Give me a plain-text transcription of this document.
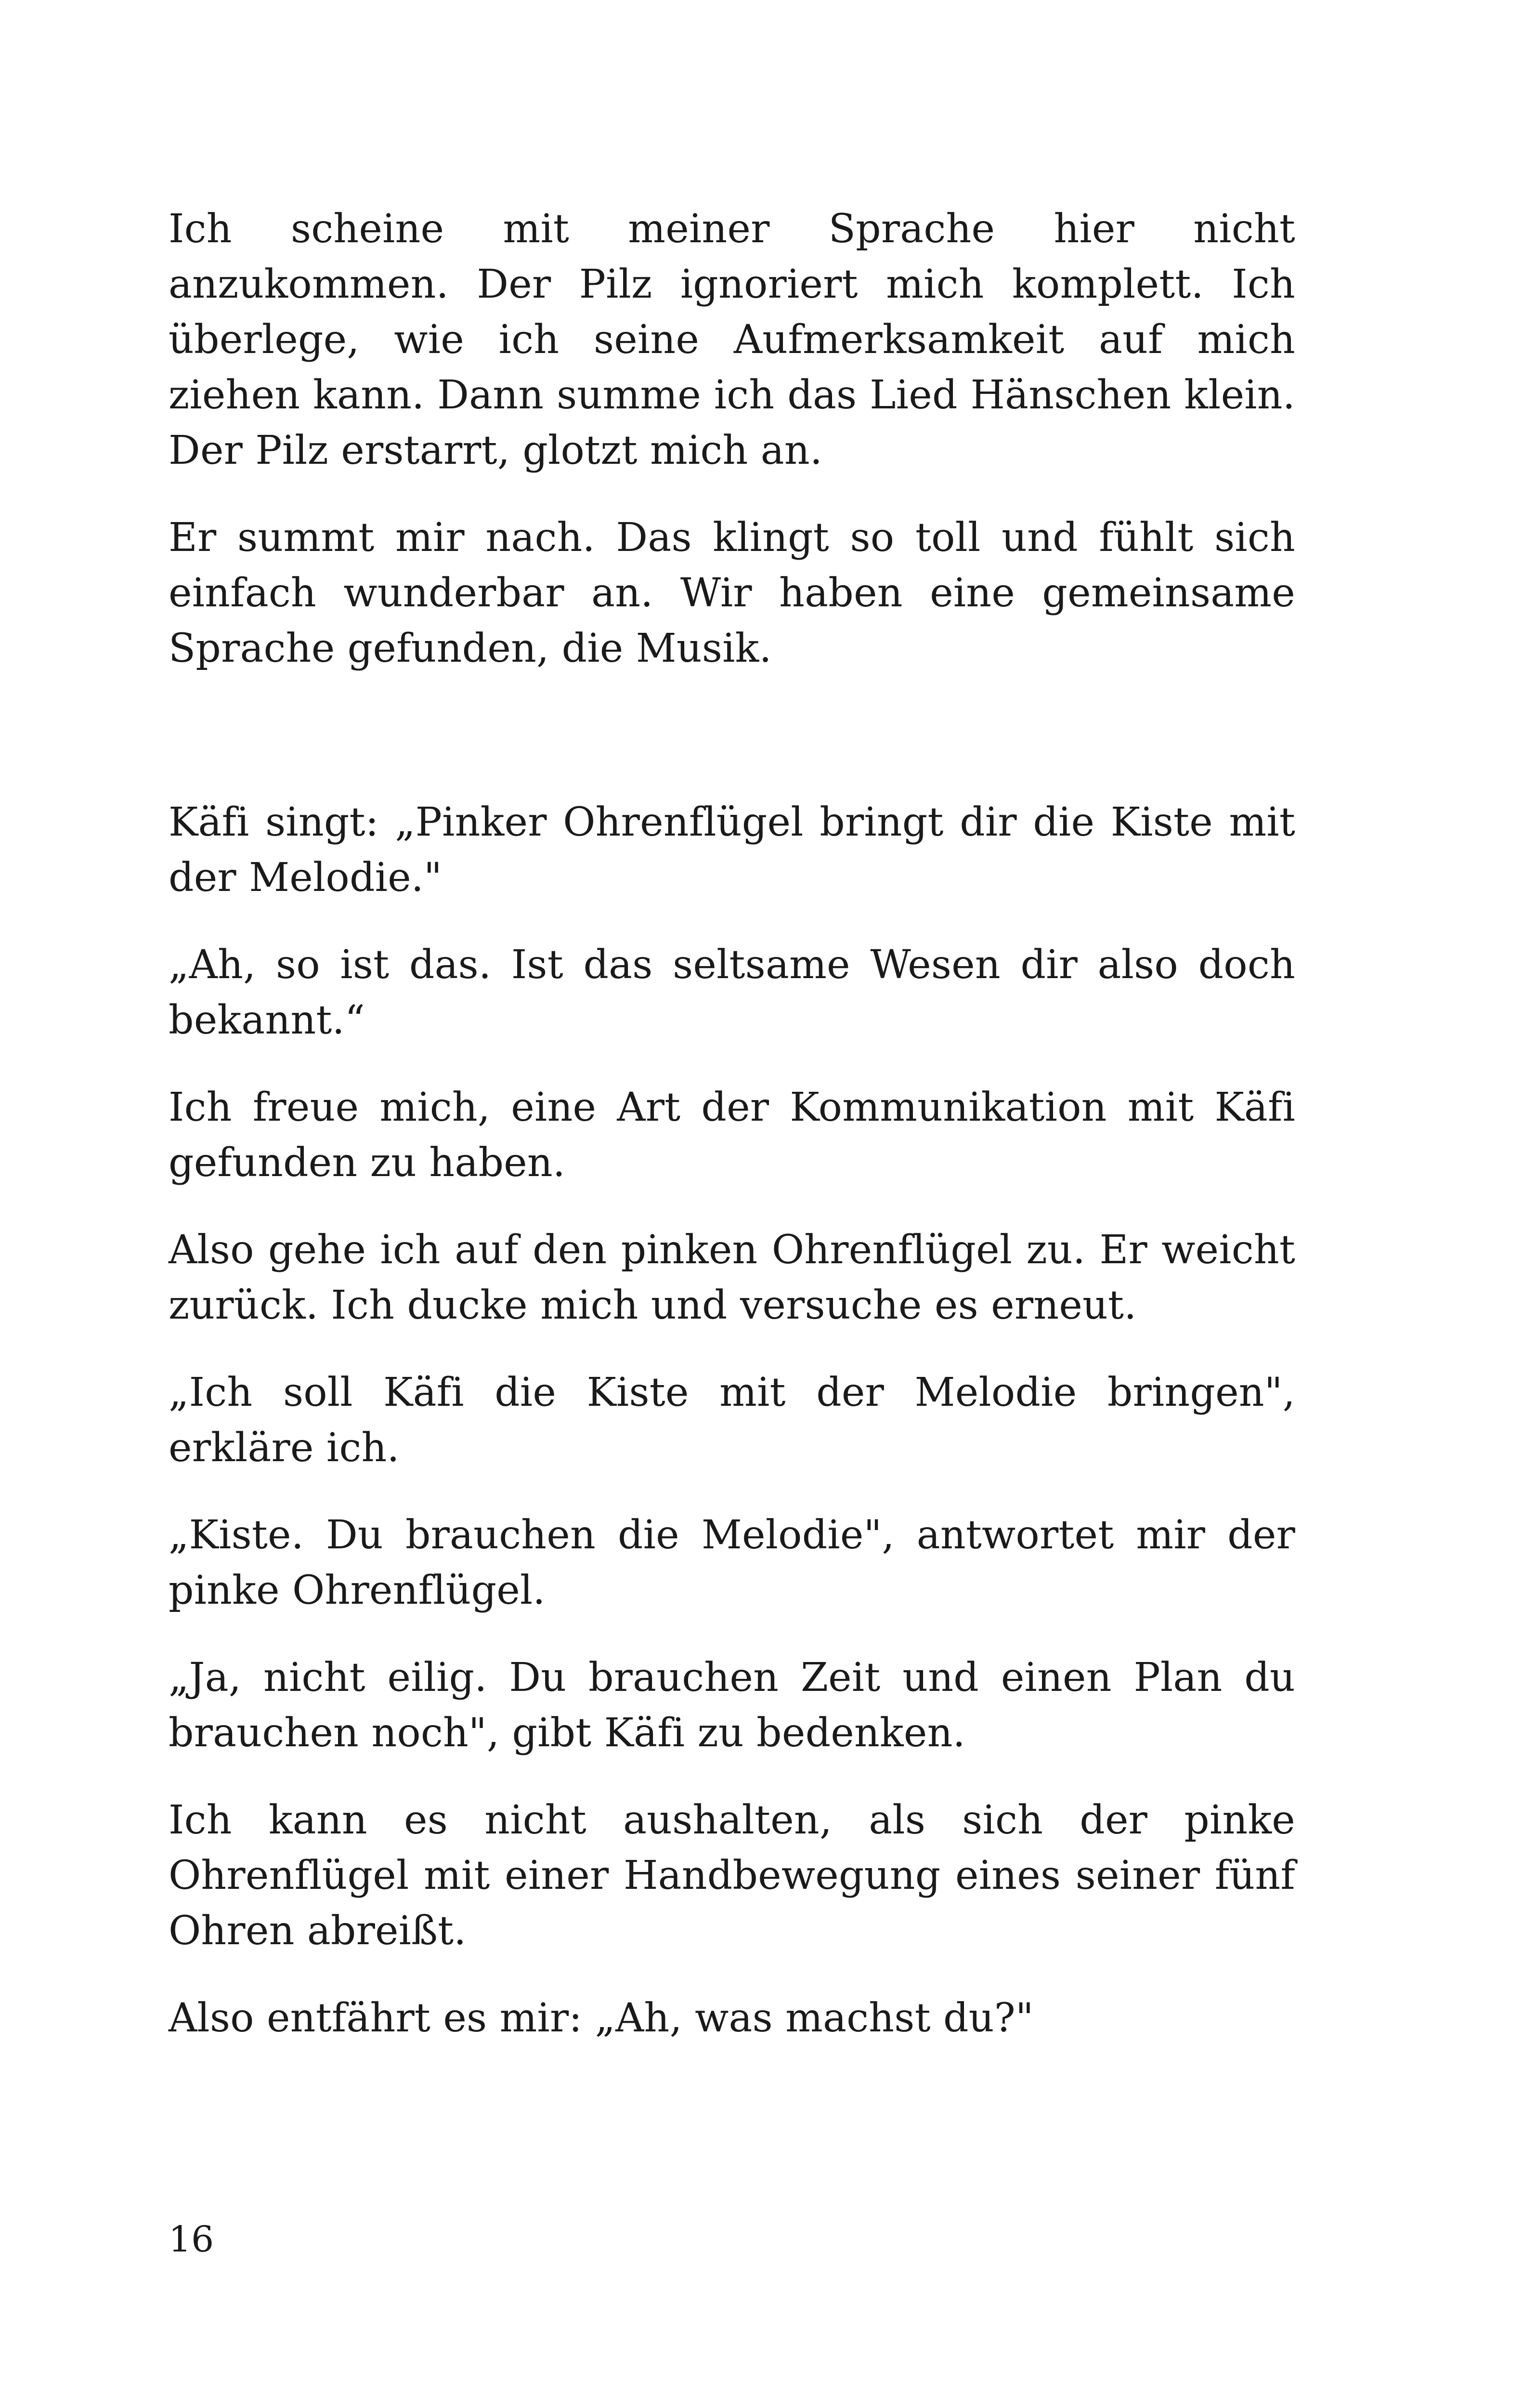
Ich scheine mit meiner Sprache hier nicht anzukommen. Der Pilz ignoriert mich komplett. Ich überlege, wie ich seine Aufmerksamkeit auf mich ziehen kann. Dann summe ich das Lied Hänschen klein. Der Pilz erstarrt, glotzt mich an.

Er summt mir nach. Das klingt so toll und fühlt sich einfach wunderbar an. Wir haben eine gemeinsame Sprache gefunden, die Musik.

Käfi singt: „Pinker Ohrenflügel bringt dir die Kiste mit der Melodie."

„Ah, so ist das. Ist das seltsame Wesen dir also doch bekannt.“

Ich freue mich, eine Art der Kommunikation mit Käfi gefunden zu haben.

Also gehe ich auf den pinken Ohrenflügel zu. Er weicht zurück. Ich ducke mich und versuche es erneut.

„Ich soll Käfi die Kiste mit der Melodie bringen", erkläre ich.

„Kiste. Du brauchen die Melodie", antwortet mir der pinke Ohrenflügel.

„Ja, nicht eilig. Du brauchen Zeit und einen Plan du brauchen noch", gibt Käfi zu bedenken.

Ich kann es nicht aushalten, als sich der pinke Ohrenflügel mit einer Handbewegung eines seiner fünf Ohren abreißt.

Also entfährt es mir: „Ah, was machst du?"

16
